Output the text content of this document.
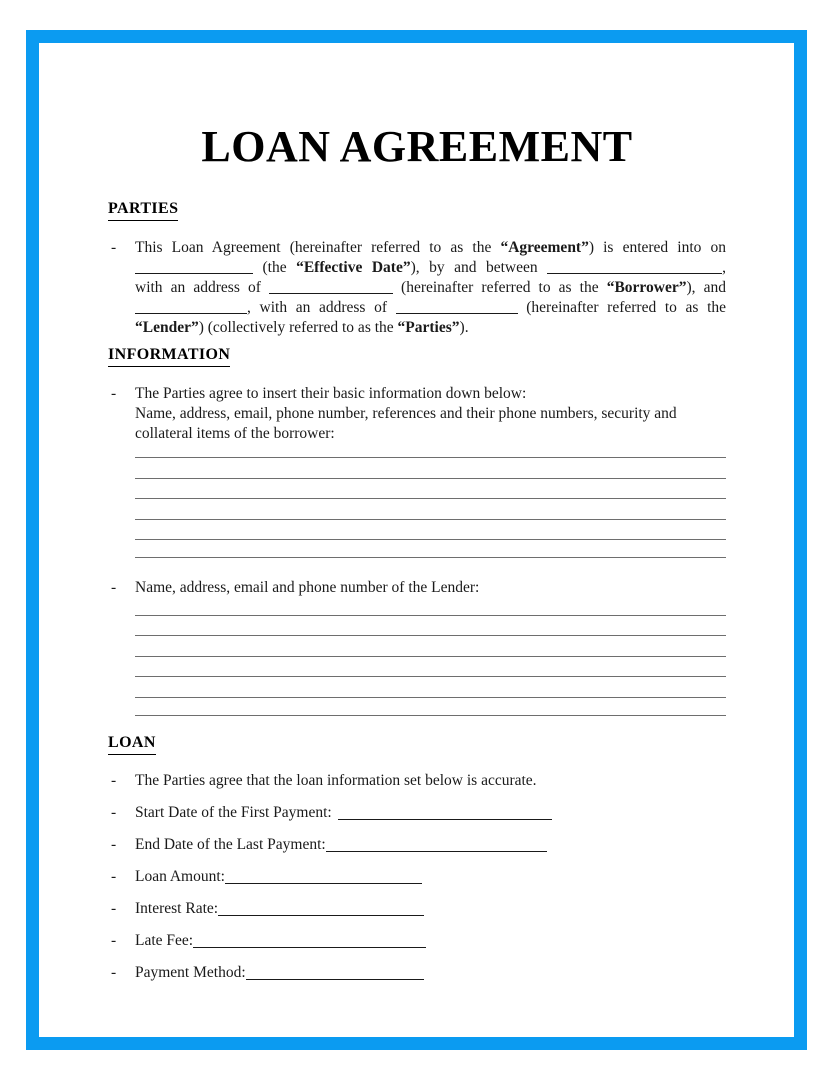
LOAN AGREEMENT
PARTIES
- This Loan Agreement (hereinafter referred to as the “Agreement”) is entered into on
(the “Effective Date”), by and between	,
with an address of	(hereinafter referred to as the “Borrower”), and
, with an address of	(hereinafter referred to as the
“Lender”) (collectively referred to as the “Parties”).
INFORMATION
- The Parties agree to insert their basic information down below:
Name, address, email, phone number, references and their phone numbers, security and
collateral items of the borrower:
- Name, address, email and phone number of the Lender:
LOAN
- The Parties agree that the loan information set below is accurate.
- Start Date of the First Payment:
- End Date of the Last Payment:
- Loan Amount:
- Interest Rate:
- Late Fee:
- Payment Method:
